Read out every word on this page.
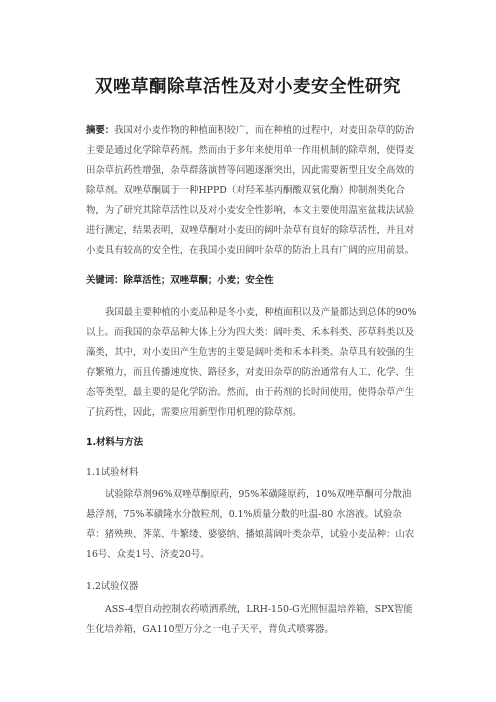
双唑草酮除草活性及对小麦安全性研究

摘要：我国对小麦作物的种植面积较广，而在种植的过程中，对麦田杂草的防治主要是通过化学除草药剂。然而由于多年来使用单一作用机制的除草剂，使得麦田杂草抗药性增强，杂草群落演替等问题逐渐突出，因此需要新型且安全高效的除草剂。双唑草酮属于一种HPPD（对羟苯基丙酮酸双氧化酶）抑制剂类化合物，为了研究其除草活性以及对小麦安全性影响，本文主要使用温室盆栽法试验进行测定，结果表明，双唑草酮对小麦田的阔叶杂草有良好的除草活性，并且对小麦具有较高的安全性，在我国小麦田阔叶杂草的防治上具有广阔的应用前景。

关键词：除草活性；双唑草酮；小麦；安全性

我国最主要种植的小麦品种是冬小麦，种植面积以及产量都达到总体的90%以上。而我国的杂草品种大体上分为四大类：阔叶类、禾本科类、莎草科类以及藻类，其中，对小麦田产生危害的主要是阔叶类和禾本科类。杂草具有较强的生存繁殖力，而且传播速度快、路径多，对麦田杂草的防治通常有人工、化学、生态等类型，最主要的是化学防治。然而，由于药剂的长时间使用，使得杂草产生了抗药性，因此，需要应用新型作用机理的除草剂。

1.材料与方法

1.1试验材料

试验除草剂96%双唑草酮原药，95%苯磺隆原药，10%双唑草酮可分散油悬浮剂，75%苯磺隆水分散粒剂，0.1%质量分数的吐温-80 水溶液。试验杂草：猪殃殃、荠菜、牛繁缕、婆婆纳、播娘蒿阔叶类杂草，试验小麦品种：山农16号、众麦1号、济麦20号。

1.2试验仪器

ASS-4型自动控制农药喷洒系统，LRH-150-G光照恒温培养箱，SPX智能生化培养箱，GA110型万分之一电子天平，背负式喷雾器。
